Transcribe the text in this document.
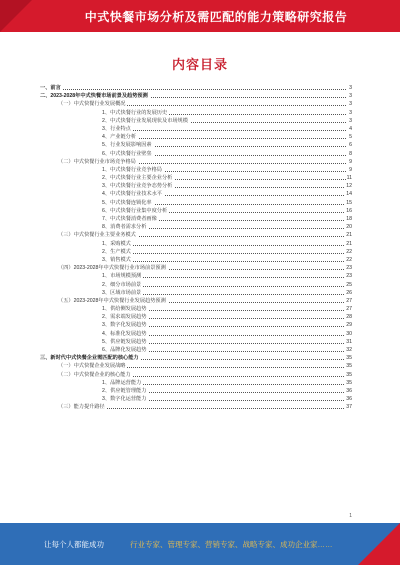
中式快餐市场分析及需匹配的能力策略研究报告
内容目录
一、前言	3
二、2023-2028年中式快餐市场前景及趋势预测	3
（一）中式快餐行业发展概况	3
1、中式快餐行业的发展历史	3
2、中式快餐行业发展现状及市场规模	3
3、行业特点	4
4、产业链分析	5
5、行业发展影响因素	6
6、中式快餐行业壁垒	8
（二）中式快餐行业市场竞争格局	9
1、中式快餐行业竞争格局	9
2、中式快餐行业主要企业分析	11
3、中式快餐行业竞争态势分析	12
4、中式快餐行业技术水平	14
5、中式快餐连锁化率	15
6、中式快餐行业集中度分析	16
7、中式快餐消费者画像	18
8、消费者需求分析	20
（三）中式快餐行业主要业务模式	21
1、采购模式	21
2、生产模式	22
3、销售模式	22
（四）2023-2028年中式快餐行业市场前景预测	23
1、市场规模预测	23
2、细分市场前景	25
3、区域市场前景	26
（五）2023-2028年中式快餐行业发展趋势预测	27
1、供给侧发展趋势	27
2、需求端发展趋势	28
3、数字化发展趋势	29
4、标准化发展趋势	30
5、供应链发展趋势	31
6、品牌化发展趋势	32
三、新时代中式快餐企业需匹配的核心能力	35
（一）中式快餐企业发展战略	35
（二）中式快餐企业的核心能力	35
1、品牌运营能力	35
2、供应链管理能力	36
3、数字化运营能力	36
（三）能力提升路径	37
1
让每个人都能成功	行业专家、管理专家、营销专家、战略专家、成功企业家……
